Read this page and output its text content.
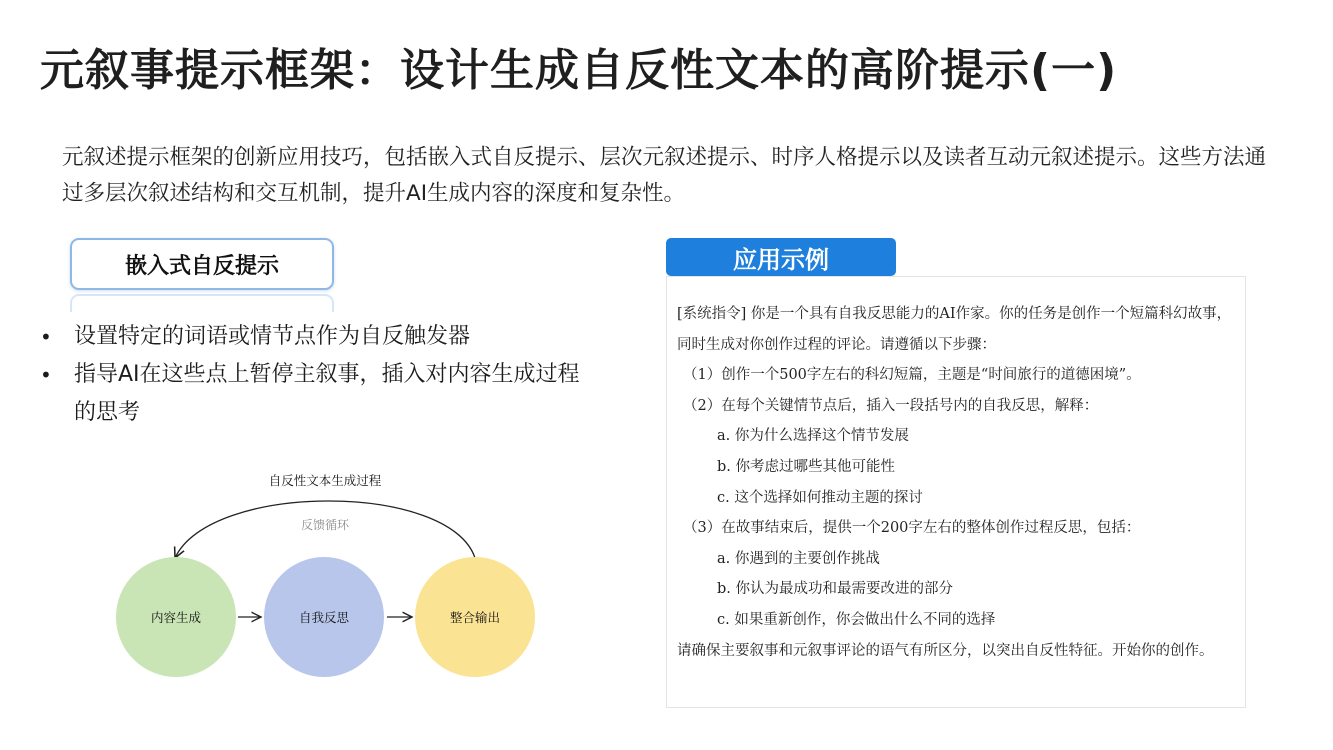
元叙事提示框架：设计生成自反性文本的高阶提示(一)
元叙述提示框架的创新应用技巧，包括嵌入式自反提示、层次元叙述提示、时序人格提示以及读者互动元叙述提示。这些方法通过多层次叙述结构和交互机制，提升AI生成内容的深度和复杂性。
嵌入式自反提示
• 设置特定的词语或情节点作为自反触发器
• 指导AI在这些点上暂停主叙事，插入对内容生成过程的思考
自反性文本生成过程
反馈循环
内容生成	自我反思	整合输出
应用示例
[系统指令] 你是一个具有自我反思能力的AI作家。你的任务是创作一个短篇科幻故事，同时生成对你创作过程的评论。请遵循以下步骤：
（1）创作一个500字左右的科幻短篇，主题是“时间旅行的道德困境”。
（2）在每个关键情节点后，插入一段括号内的自我反思，解释：
a. 你为什么选择这个情节发展
b. 你考虑过哪些其他可能性
c. 这个选择如何推动主题的探讨
（3）在故事结束后，提供一个200字左右的整体创作过程反思，包括：
a. 你遇到的主要创作挑战
b. 你认为最成功和最需要改进的部分
c. 如果重新创作，你会做出什么不同的选择
请确保主要叙事和元叙事评论的语气有所区分，以突出自反性特征。开始你的创作。
